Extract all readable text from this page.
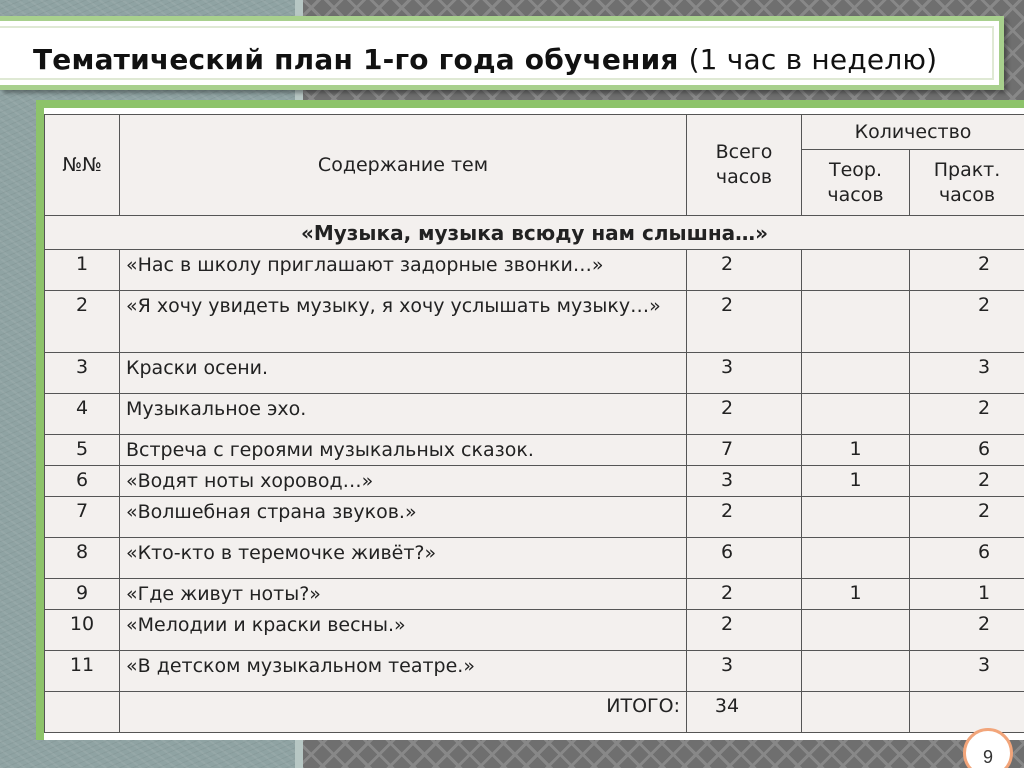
Тематический план 1-го года обучения (1 час в неделю)
№№	Содержание тем	Всего часов	Количество	
			Теор. часов	Практ. часов
«Музыка, музыка всюду нам слышна…»				
1	«Нас в школу приглашают задорные звонки…»	2		2
2	«Я хочу увидеть музыку, я хочу услышать музыку…»	2		2
3	Краски осени.	3		3
4	Музыкальное эхо.	2		2
5	Встреча с героями музыкальных сказок.	7	1	6
6	«Водят ноты хоровод…»	3	1	2
7	«Волшебная страна звуков.»	2		2
8	«Кто-кто в теремочке живёт?»	6		6
9	«Где живут ноты?»	2	1	1
10	«Мелодии и краски весны.»	2		2
11	«В детском музыкальном театре.»	3		3
	ИТОГО:	34		
9
